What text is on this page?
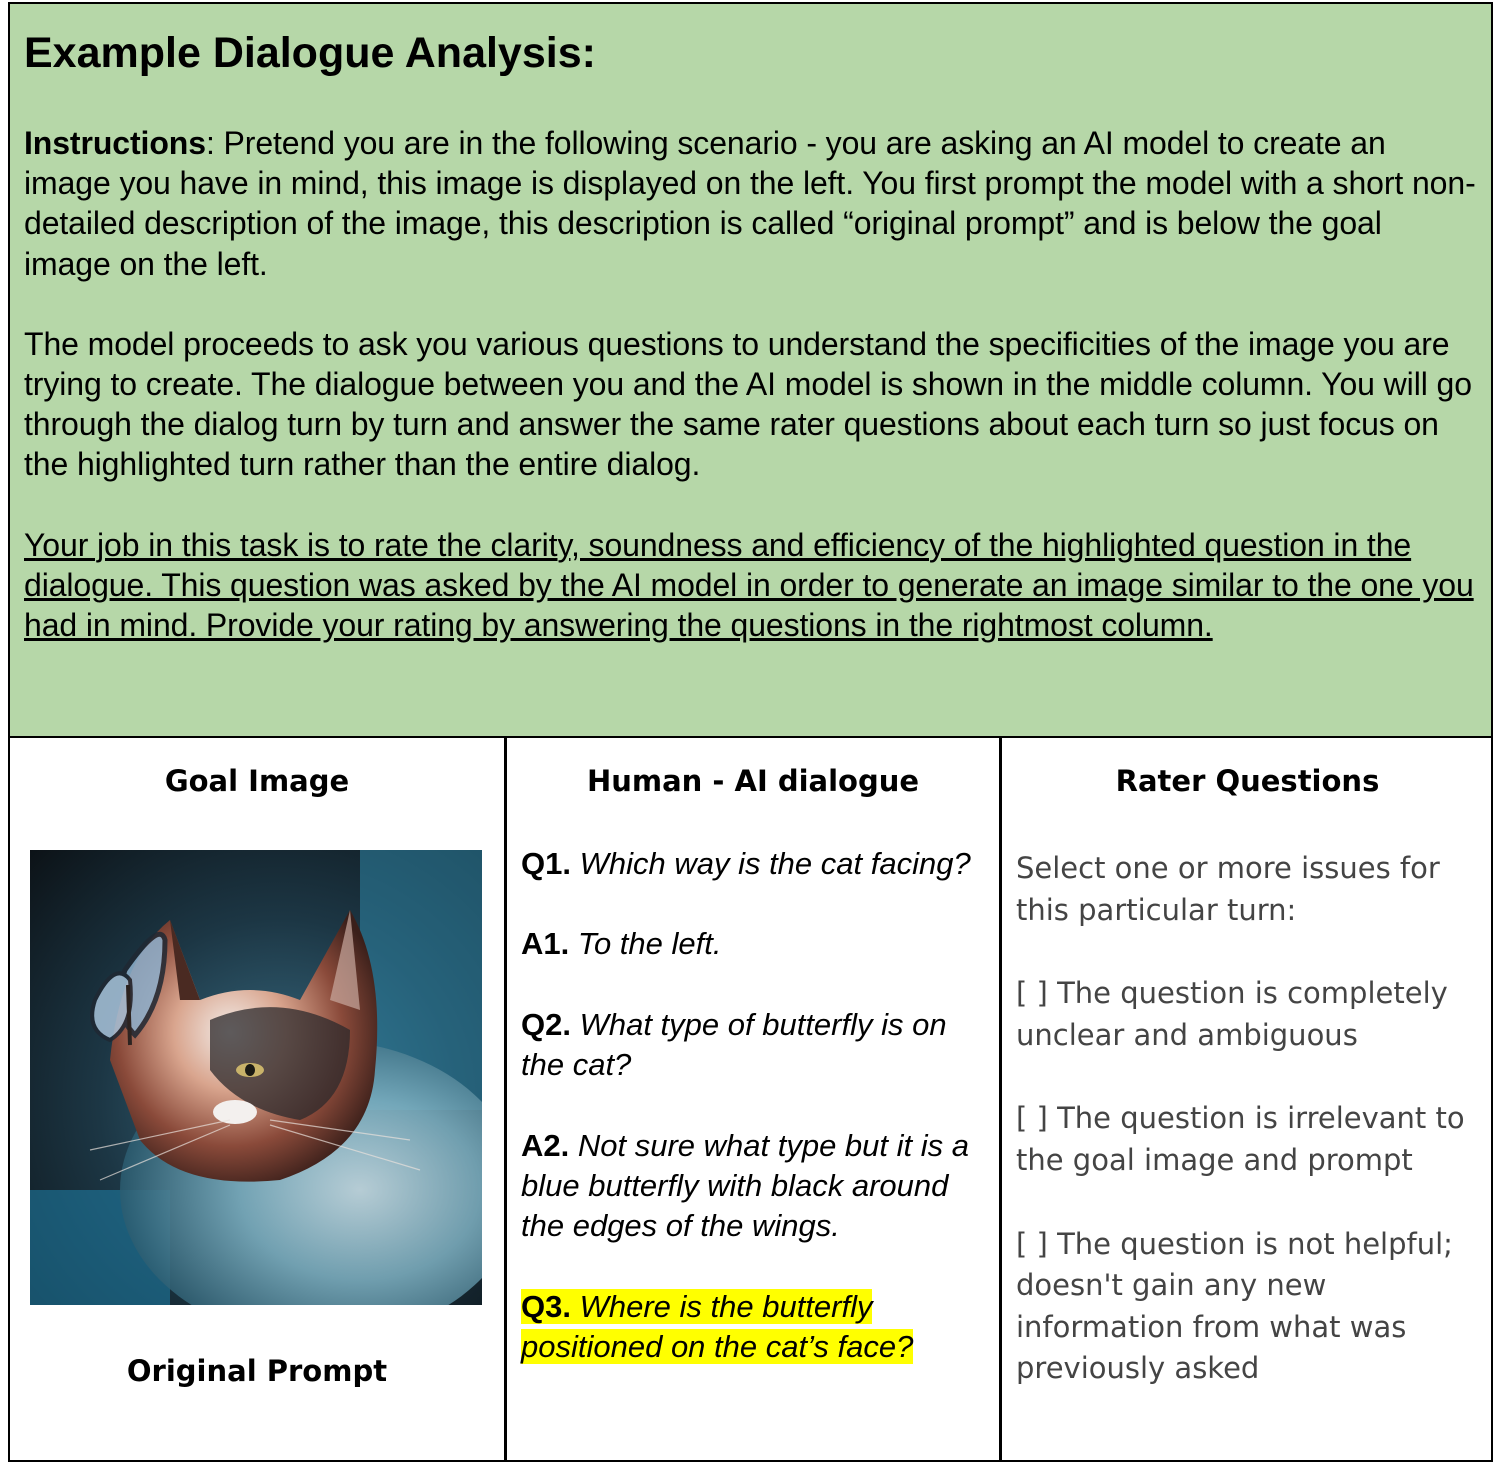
Example Dialogue Analysis:

Instructions: Pretend you are in the following scenario - you are asking an AI model to create an image you have in mind, this image is displayed on the left. You first prompt the model with a short non-detailed description of the image, this description is called “original prompt” and is below the goal image on the left.

The model proceeds to ask you various questions to understand the specificities of the image you are trying to create. The dialogue between you and the AI model is shown in the middle column. You will go through the dialog turn by turn and answer the same rater questions about each turn so just focus on the highlighted turn rather than the entire dialog.

Your job in this task is to rate the clarity, soundness and efficiency of the highlighted question in the dialogue. This question was asked by the AI model in order to generate an image similar to the one you had in mind. Provide your rating by answering the questions in the rightmost column.

Goal Image
Original Prompt
Human - AI dialogue
Q1. Which way is the cat facing?
A1. To the left.
Q2. What type of butterfly is on the cat?
A2. Not sure what type but it is a blue butterfly with black around the edges of the wings.
Q3. Where is the butterfly positioned on the cat’s face?
Rater Questions

Select one or more issues for this particular turn:

[ ] The question is completely unclear and ambiguous

[ ] The question is irrelevant to the goal image and prompt

[ ] The question is not helpful; doesn't gain any new information from what was previously asked
